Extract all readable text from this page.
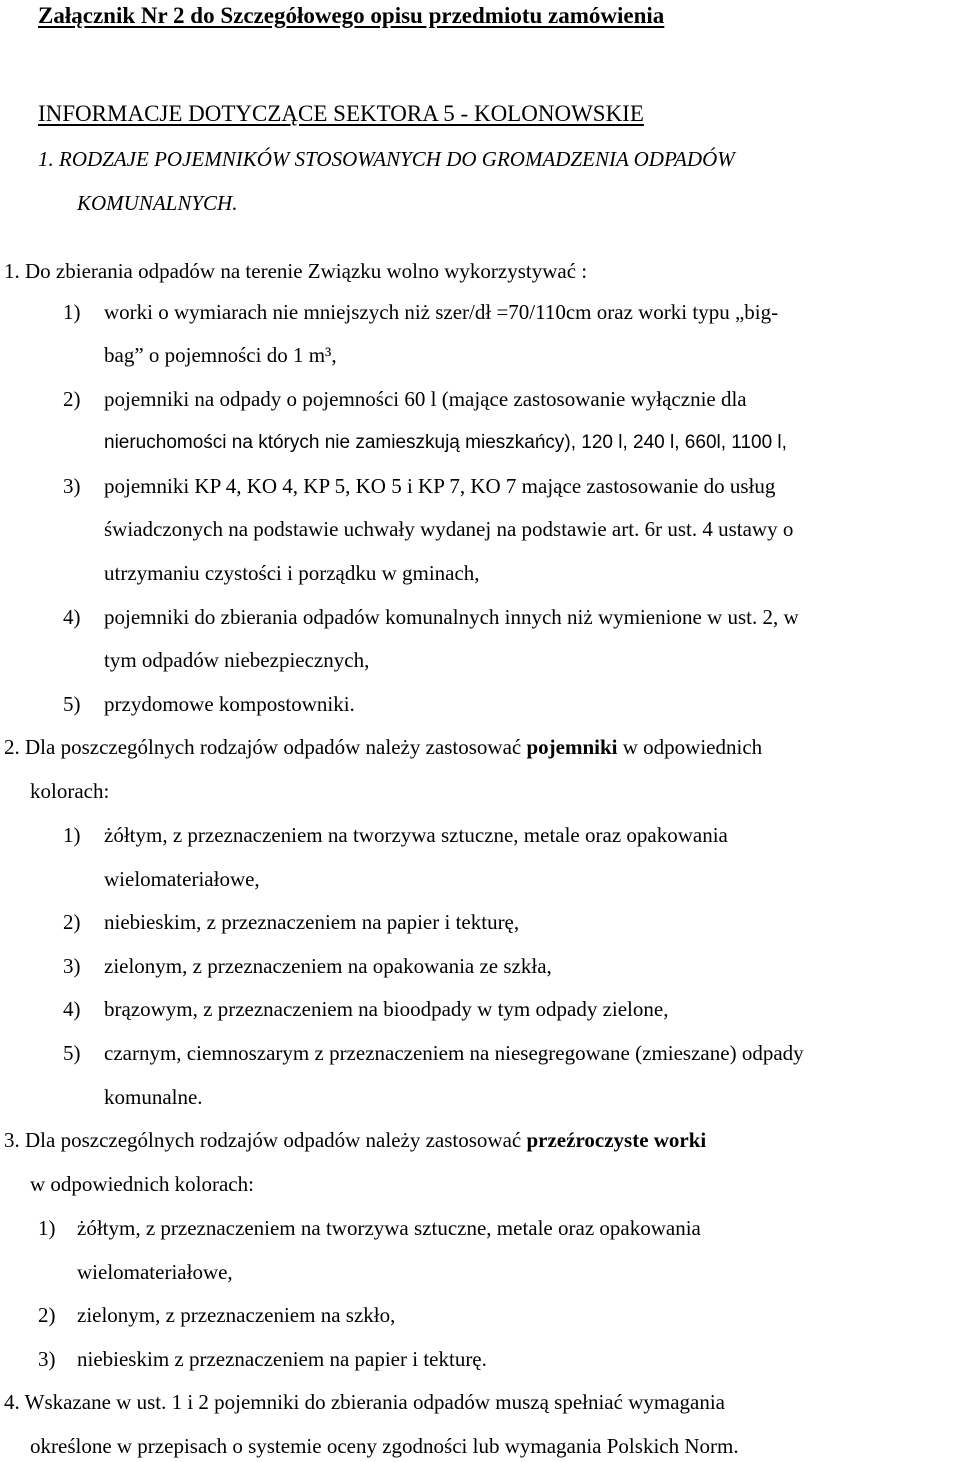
Załącznik Nr 2 do Szczegółowego opisu przedmiotu zamówienia
INFORMACJE DOTYCZĄCE SEKTORA 5 - KOLONOWSKIE
1. RODZAJE POJEMNIKÓW STOSOWANYCH DO GROMADZENIA ODPADÓW
KOMUNALNYCH.
1. Do zbierania odpadów na terenie Związku wolno wykorzystywać :
1) worki o wymiarach nie mniejszych niż szer/dł =70/110cm oraz worki typu „big-
bag” o pojemności do 1 m³,
2) pojemniki na odpady o pojemności 60 l (mające zastosowanie wyłącznie dla
nieruchomości na których nie zamieszkują mieszkańcy), 120 l, 240 l, 660l, 1100 l,
3) pojemniki KP 4, KO 4, KP 5, KO 5 i KP 7, KO 7 mające zastosowanie do usług
świadczonych na podstawie uchwały wydanej na podstawie art. 6r ust. 4 ustawy o
utrzymaniu czystości i porządku w gminach,
4) pojemniki do zbierania odpadów komunalnych innych niż wymienione w ust. 2, w
tym odpadów niebezpiecznych,
5) przydomowe kompostowniki.
2. Dla poszczególnych rodzajów odpadów należy zastosować pojemniki w odpowiednich
kolorach:
1) żółtym, z przeznaczeniem na tworzywa sztuczne, metale oraz opakowania
wielomateriałowe,
2) niebieskim, z przeznaczeniem na papier i tekturę,
3) zielonym, z przeznaczeniem na opakowania ze szkła,
4) brązowym, z przeznaczeniem na bioodpady w tym odpady zielone,
5) czarnym, ciemnoszarym z przeznaczeniem na niesegregowane (zmieszane) odpady
komunalne.
3. Dla poszczególnych rodzajów odpadów należy zastosować przeźroczyste worki
w odpowiednich kolorach:
1) żółtym, z przeznaczeniem na tworzywa sztuczne, metale oraz opakowania
wielomateriałowe,
2) zielonym, z przeznaczeniem na szkło,
3) niebieskim z przeznaczeniem na papier i tekturę.
4. Wskazane w ust. 1 i 2 pojemniki do zbierania odpadów muszą spełniać wymagania
określone w przepisach o systemie oceny zgodności lub wymagania Polskich Norm.
